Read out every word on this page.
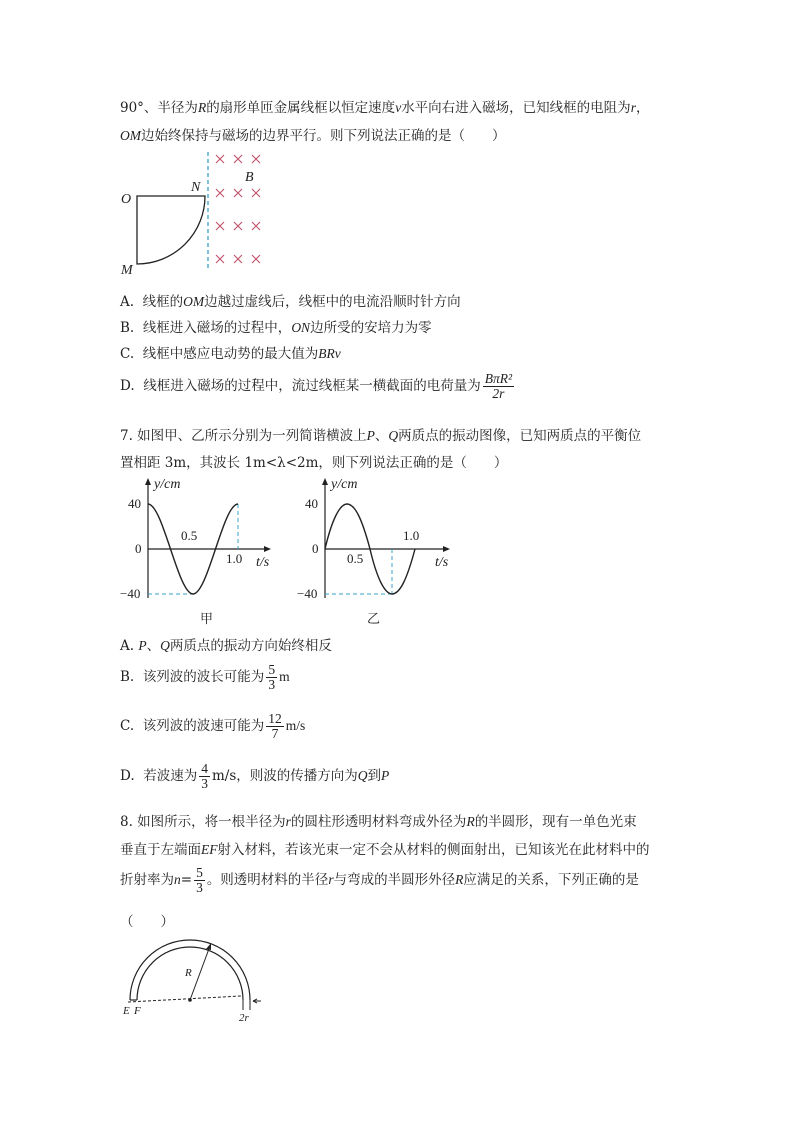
90°、半径为R的扇形单匝金属线框以恒定速度v水平向右进入磁场，已知线框的电阻为r，
OM边始终保持与磁场的边界平行。则下列说法正确的是（　　）
O
N
M
B
A. 线框的OM边越过虚线后，线框中的电流沿顺时针方向
B. 线框进入磁场的过程中，ON边所受的安培力为零
C. 线框中感应电动势的最大值为BRv
D. 线框进入磁场的过程中，流过线框某一横截面的电荷量为 $\frac{\text{BπR²}}{2r}$
7. 如图甲、乙所示分别为一列简谐横波上P、Q两质点的振动图像，已知两质点的平衡位
置相距 3m，其波长 1m<λ<2m，则下列说法正确的是（　　）
y/cm
t/s
40
0
−40
0.5
1.0
甲
y/cm
t/s
40
0
−40
0.5
1.0
乙
A. P、Q两质点的振动方向始终相反
B. 该列波的波长可能为 $\frac{5}{3}$ m
C. 该列波的波速可能为 $\frac{12}{7} m/s$
D. 若波速为 $\frac{4}{3} m/s$，则波的传播方向为Q到P
8. 如图所示，将一根半径为r的圆柱形透明材料弯成外径为R的半圆形，现有一单色光束
垂直于左端面EF射入材料，若该光束一定不会从材料的侧面射出，已知该光在此材料中的
折射率为$n= \frac{5}{3}$ 。则透明材料的半径r与弯成的半圆形外径R应满足的关系，下列正确的是
（　　）
R
E F
2r
